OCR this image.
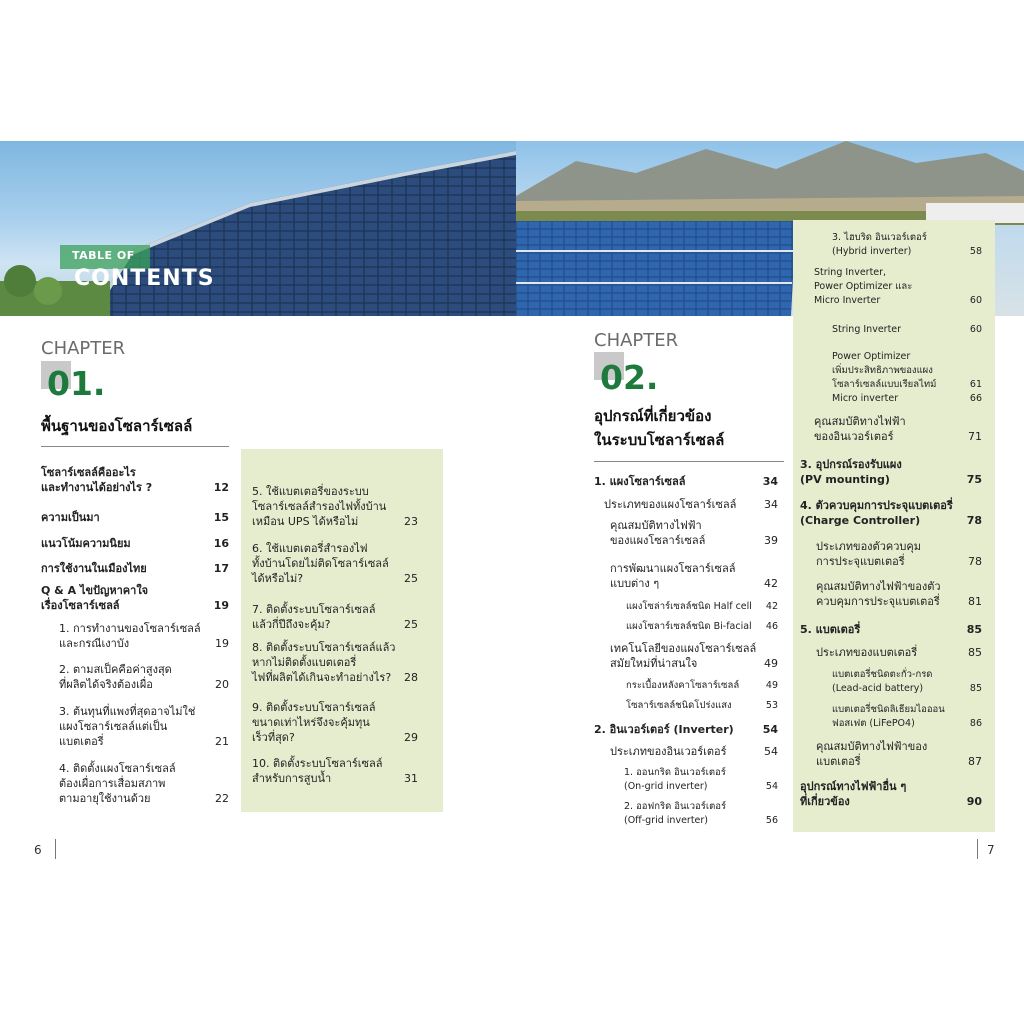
TABLE OF
CONTENTS
CHAPTER
01.
พื้นฐานของโซลาร์เซลล์
CHAPTER
02.
อุปกรณ์ที่เกี่ยวข้อง
ในระบบโซลาร์เซลล์
โซลาร์เซลล์คืออะไร
และทำงานได้อย่างไร ?	12
ความเป็นมา	15
แนวโน้มความนิยม	16
การใช้งานในเมืองไทย	17
Q & A ไขปัญหาคาใจ
เรื่องโซลาร์เซลล์	19
1. การทำงานของโซลาร์เซลล์
และกรณีเงาบัง	19
2. ตามสเป็คคือค่าสูงสุด
ที่ผลิตได้จริงต้องเผื่อ	20
3. ต้นทุนที่แพงที่สุดอาจไม่ใช่
แผงโซลาร์เซลล์แต่เป็น
แบตเตอรี่	21
4. ติดตั้งแผงโซลาร์เซลล์
ต้องเผื่อการเสื่อมสภาพ
ตามอายุใช้งานด้วย	22
5. ใช้แบตเตอรี่ของระบบ
โซลาร์เซลล์สำรองไฟทั้งบ้าน
เหมือน UPS ได้หรือไม่	23
6. ใช้แบตเตอรี่สำรองไฟ
ทั้งบ้านโดยไม่ติดโซลาร์เซลล์
ได้หรือไม่?	25
7. ติดตั้งระบบโซลาร์เซลล์
แล้วกี่ปีถึงจะคุ้ม?	25
8. ติดตั้งระบบโซลาร์เซลล์แล้ว
หากไม่ติดตั้งแบตเตอรี่
ไฟที่ผลิตได้เกินจะทำอย่างไร?	28
9. ติดตั้งระบบโซลาร์เซลล์
ขนาดเท่าไหร่จึงจะคุ้มทุน
เร็วที่สุด?	29
10. ติดตั้งระบบโซลาร์เซลล์
สำหรับการสูบน้ำ	31
1. แผงโซลาร์เซลล์	34
ประเภทของแผงโซลาร์เซลล์	34
คุณสมบัติทางไฟฟ้า
ของแผงโซลาร์เซลล์	39
การพัฒนาแผงโซลาร์เซลล์
แบบต่าง ๆ	42
แผงโซล่าร์เซลล์ชนิด Half cell 42
แผงโซลาร์เซลล์ชนิด Bi-facial 46
เทคโนโลยีของแผงโซลาร์เซลล์
สมัยใหม่ที่น่าสนใจ	49
กระเบื้องหลังคาโซลาร์เซลล์	49
โซลาร์เซลล์ชนิดโปร่งแสง	53
2. อินเวอร์เตอร์ (Inverter)	54
ประเภทของอินเวอร์เตอร์	54
1. ออนกริด อินเวอร์เตอร์
(On-grid inverter)	54
2. ออฟกริด อินเวอร์เตอร์
(Off-grid inverter)	56
3. ไฮบริด อินเวอร์เตอร์
(Hybrid inverter)	58
String Inverter,
Power Optimizer และ
Micro Inverter	60
String Inverter	60
Power Optimizer
เพิ่มประสิทธิภาพของแผง
โซลาร์เซลล์แบบเรียลไทม์	61
Micro inverter	66
คุณสมบัติทางไฟฟ้า
ของอินเวอร์เตอร์	71
3. อุปกรณ์รองรับแผง
(PV mounting)	75
4. ตัวควบคุมการประจุแบตเตอรี่
(Charge Controller)	78
ประเภทของตัวควบคุม
การประจุแบตเตอรี่	78
คุณสมบัติทางไฟฟ้าของตัว
ควบคุมการประจุแบตเตอรี่	81
5. แบตเตอรี่	85
ประเภทของแบตเตอรี่	85
แบตเตอรี่ชนิดตะกั่ว-กรด
(Lead-acid battery)	85
แบตเตอรี่ชนิดลิเธียมไอออน
ฟอสเฟต (LiFePO4)	86
คุณสมบัติทางไฟฟ้าของ
แบตเตอรี่	87
อุปกรณ์ทางไฟฟ้าอื่น ๆ
ที่เกี่ยวข้อง	90
6	7
